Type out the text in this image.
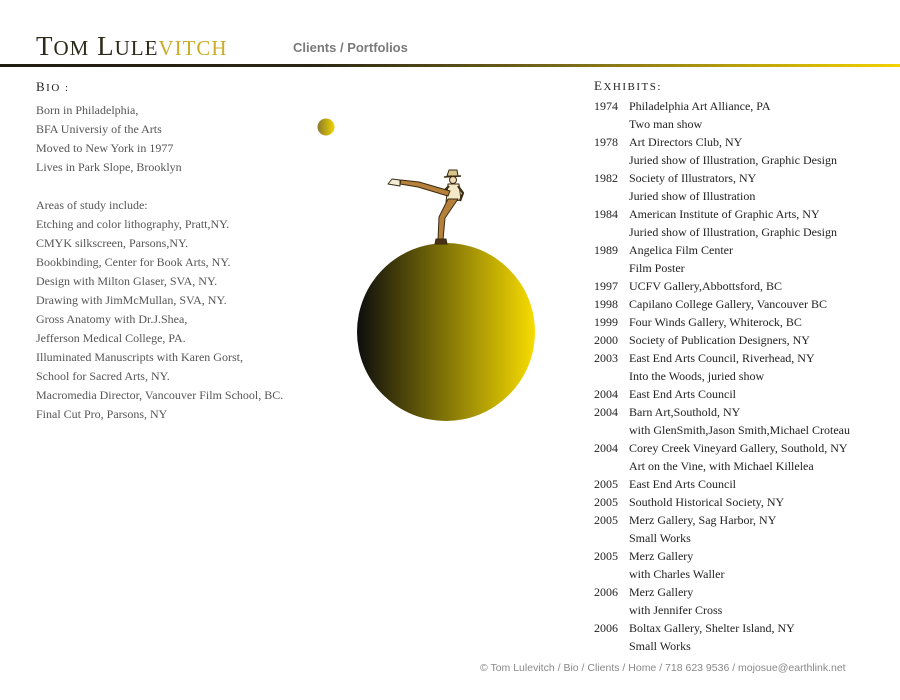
TOM LULEVITCH	Clients / Portfolios
BIO :
Born in Philadelphia,
BFA Universiy of the Arts
Moved to New York in 1977
Lives in Park Slope, Brooklyn
Areas of study include:
Etching and color lithography, Pratt,NY.
CMYK silkscreen, Parsons,NY.
Bookbinding, Center for Book Arts, NY.
Design with Milton Glaser, SVA, NY.
Drawing with JimMcMullan, SVA, NY.
Gross Anatomy with Dr.J.Shea,
Jefferson Medical College, PA.
Illuminated Manuscripts with Karen Gorst,
School for Sacred Arts, NY.
Macromedia Director, Vancouver Film School, BC.
Final Cut Pro, Parsons, NY
EXHIBITS:
1974 Philadelphia Art Alliance, PA
Two man show
1978 Art Directors Club, NY
Juried show of Illustration, Graphic Design
1982 Society of Illustrators, NY
Juried show of Illustration
1984 American Institute of Graphic Arts, NY
Juried show of Illustration, Graphic Design
1989 Angelica Film Center
Film Poster
1997 UCFV Gallery,Abbottsford, BC
1998 Capilano College Gallery, Vancouver BC
1999 Four Winds Gallery, Whiterock, BC
2000 Society of Publication Designers, NY
2003 East End Arts Council, Riverhead, NY
Into the Woods, juried show
2004 East End Arts Council
2004 Barn Art,Southold, NY
with GlenSmith,Jason Smith,Michael Croteau
2004 Corey Creek Vineyard Gallery, Southold, NY
Art on the Vine, with Michael Killelea
2005 East End Arts Council
2005 Southold Historical Society, NY
2005 Merz Gallery, Sag Harbor, NY
Small Works
2005 Merz Gallery
with Charles Waller
2006 Merz Gallery
with Jennifer Cross
2006 Boltax Gallery, Shelter Island, NY
Small Works
© Tom Lulevitch / Bio / Clients / Home / 718 623 9536 / mojosue@earthlink.net
